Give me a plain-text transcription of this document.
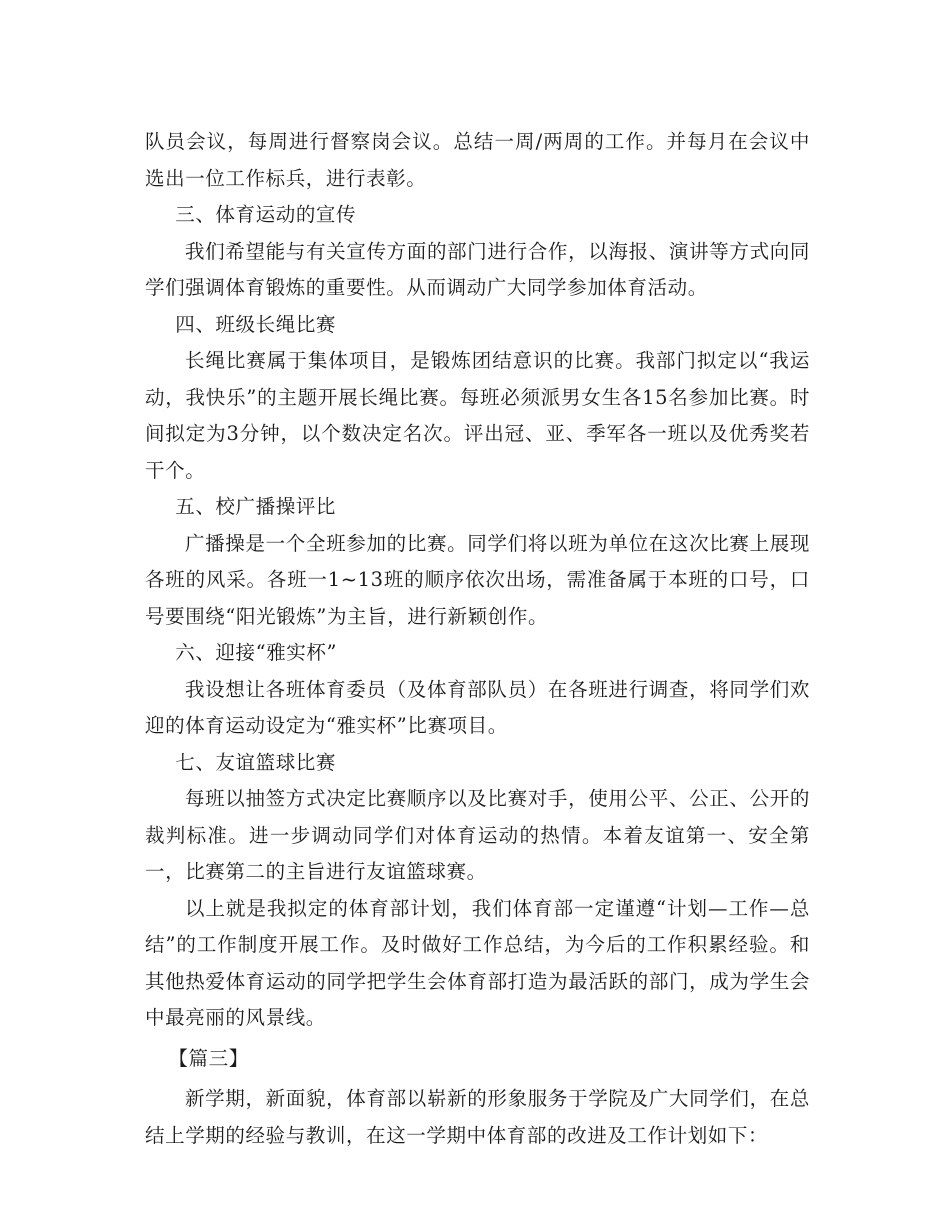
队员会议，每周进行督察岗会议。总结一周/两周的工作。并每月在会议中选出一位工作标兵，进行表彰。

三、体育运动的宣传

我们希望能与有关宣传方面的部门进行合作，以海报、演讲等方式向同学们强调体育锻炼的重要性。从而调动广大同学参加体育活动。

四、班级长绳比赛

长绳比赛属于集体项目，是锻炼团结意识的比赛。我部门拟定以“我运动，我快乐”的主题开展长绳比赛。每班必须派男女生各15名参加比赛。时间拟定为3分钟，以个数决定名次。评出冠、亚、季军各一班以及优秀奖若干个。

五、校广播操评比

广播操是一个全班参加的比赛。同学们将以班为单位在这次比赛上展现各班的风采。各班一1~13班的顺序依次出场，需准备属于本班的口号，口号要围绕“阳光锻炼”为主旨，进行新颖创作。

六、迎接“雅实杯”

我设想让各班体育委员（及体育部队员）在各班进行调查，将同学们欢迎的体育运动设定为“雅实杯”比赛项目。

七、友谊篮球比赛

每班以抽签方式决定比赛顺序以及比赛对手，使用公平、公正、公开的裁判标准。进一步调动同学们对体育运动的热情。本着友谊第一、安全第一，比赛第二的主旨进行友谊篮球赛。

以上就是我拟定的体育部计划，我们体育部一定谨遵“计划—工作—总结”的工作制度开展工作。及时做好工作总结，为今后的工作积累经验。和其他热爱体育运动的同学把学生会体育部打造为最活跃的部门，成为学生会中最亮丽的风景线。

【篇三】

新学期，新面貌，体育部以崭新的形象服务于学院及广大同学们，在总结上学期的经验与教训，在这一学期中体育部的改进及工作计划如下：
